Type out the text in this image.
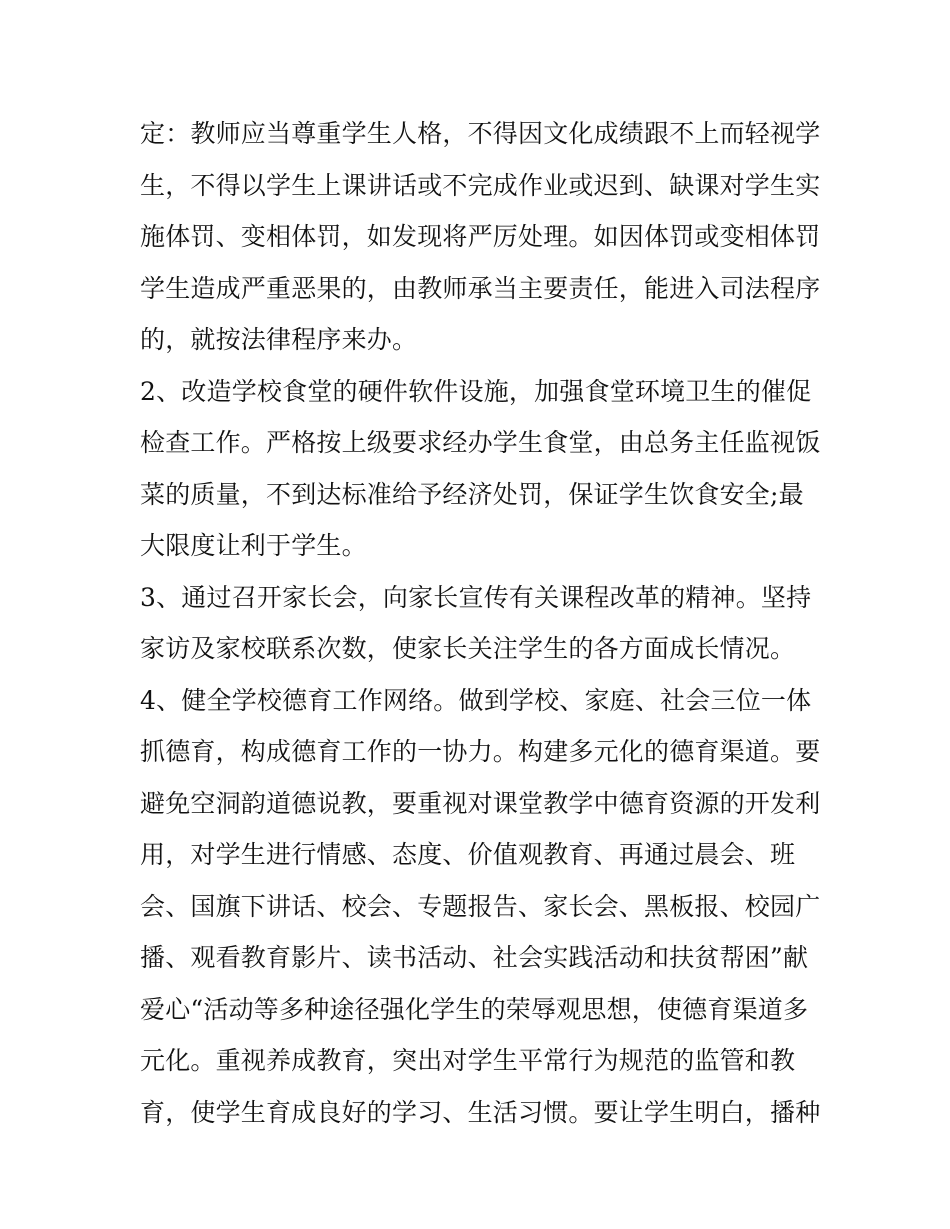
定：教师应当尊重学生人格，不得因文化成绩跟不上而轻视学
生，不得以学生上课讲话或不完成作业或迟到、缺课对学生实
施体罚、变相体罚，如发现将严厉处理。如因体罚或变相体罚
学生造成严重恶果的，由教师承当主要责任，能进入司法程序
的，就按法律程序来办。
2、改造学校食堂的硬件软件设施，加强食堂环境卫生的催促
检查工作。严格按上级要求经办学生食堂，由总务主任监视饭
菜的质量，不到达标准给予经济处罚，保证学生饮食安全;最
大限度让利于学生。
3、通过召开家长会，向家长宣传有关课程改革的精神。坚持
家访及家校联系次数，使家长关注学生的各方面成长情况。
4、健全学校德育工作网络。做到学校、家庭、社会三位一体
抓德育，构成德育工作的一协力。构建多元化的德育渠道。要
避免空洞韵道德说教，要重视对课堂教学中德育资源的开发利
用，对学生进行情感、态度、价值观教育、再通过晨会、班
会、国旗下讲话、校会、专题报告、家长会、黑板报、校园广
播、观看教育影片、读书活动、社会实践活动和扶贫帮困”献
爱心“活动等多种途径强化学生的荣辱观思想，使德育渠道多
元化。重视养成教育，突出对学生平常行为规范的监管和教
育，使学生育成良好的学习、生活习惯。要让学生明白，播种
